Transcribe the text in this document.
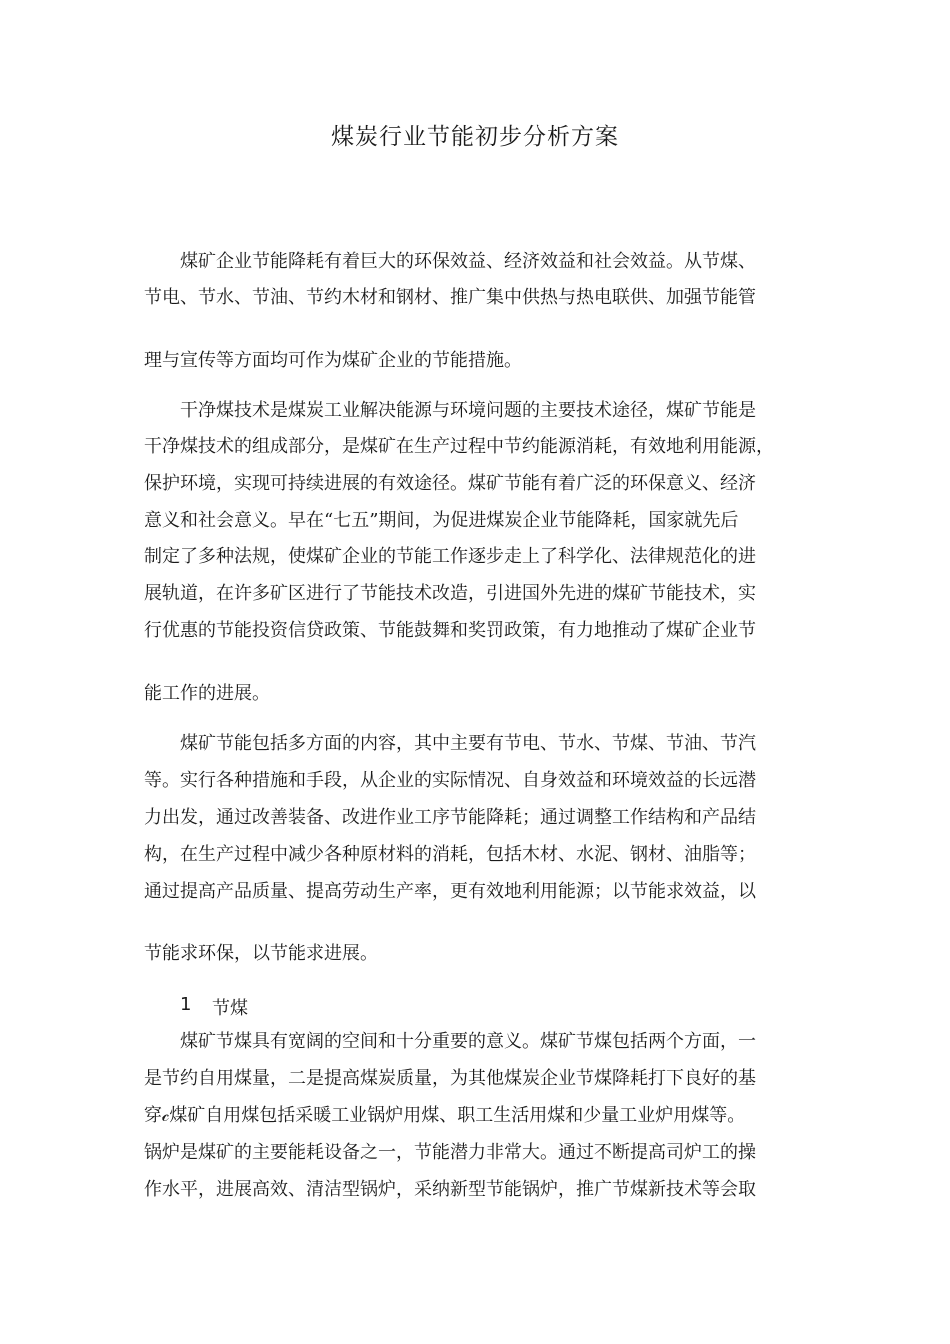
煤炭行业节能初步分析方案
煤矿企业节能降耗有着巨大的环保效益、经济效益和社会效益。从节煤、
节电、节水、节油、节约木材和钢材、推广集中供热与热电联供、加强节能管
理与宣传等方面均可作为煤矿企业的节能措施。
干净煤技术是煤炭工业解决能源与环境问题的主要技术途径，煤矿节能是
干净煤技术的组成部分，是煤矿在生产过程中节约能源消耗，有效地利用能源，
保护环境，实现可持续进展的有效途径。煤矿节能有着广泛的环保意义、经济
意义和社会意义。早在“七五”期间，为促进煤炭企业节能降耗，国家就先后
制定了多种法规，使煤矿企业的节能工作逐步走上了科学化、法律规范化的进
展轨道，在许多矿区进行了节能技术改造，引进国外先进的煤矿节能技术，实
行优惠的节能投资信贷政策、节能鼓舞和奖罚政策，有力地推动了煤矿企业节
能工作的进展。
煤矿节能包括多方面的内容，其中主要有节电、节水、节煤、节油、节汽
等。实行各种措施和手段，从企业的实际情况、自身效益和环境效益的长远潜
力出发，通过改善装备、改进作业工序节能降耗；通过调整工作结构和产品结
构，在生产过程中减少各种原材料的消耗，包括木材、水泥、钢材、油脂等；
通过提高产品质量、提高劳动生产率，更有效地利用能源；以节能求效益，以
节能求环保，以节能求进展。
1 节煤
煤矿节煤具有宽阔的空间和十分重要的意义。煤矿节煤包括两个方面，一
是节约自用煤量，二是提高煤炭质量，为其他煤炭企业节煤降耗打下良好的基
穿𝒸煤矿自用煤包括采暖工业锅炉用煤、职工生活用煤和少量工业炉用煤等。
锅炉是煤矿的主要能耗设备之一，节能潜力非常大。通过不断提高司炉工的操
作水平，进展高效、清洁型锅炉，采纳新型节能锅炉，推广节煤新技术等会取
